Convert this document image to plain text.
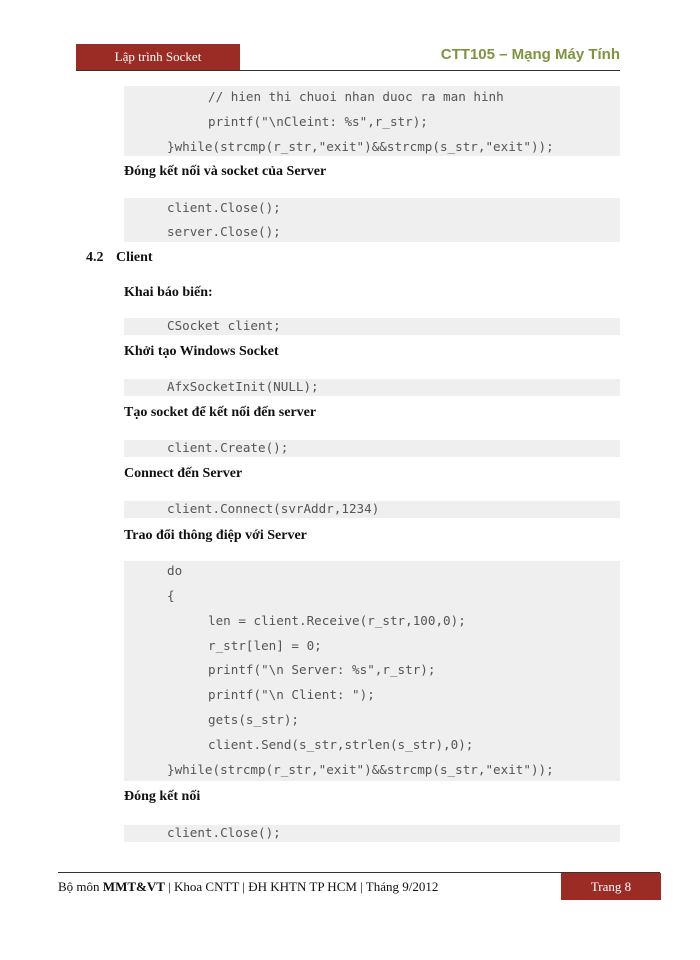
Lập trình Socket	CTT105 – Mạng Máy Tính
// hien thi chuoi nhan duoc ra man hinh
printf("\nCleint: %s",r_str);
}while(strcmp(r_str,"exit")&&strcmp(s_str,"exit"));
Đóng kết nối và socket của Server
client.Close();
server.Close();
4.2 Client
Khai báo biến:
CSocket client;
Khởi tạo Windows Socket
AfxSocketInit(NULL);
Tạo socket để kết nối đến server
client.Create();
Connect đến Server
client.Connect(svrAddr,1234)
Trao đổi thông điệp với Server
do
{
len = client.Receive(r_str,100,0);
r_str[len] = 0;
printf("\n Server: %s",r_str);
printf("\n Client: ");
gets(s_str);
client.Send(s_str,strlen(s_str),0);
}while(strcmp(r_str,"exit")&&strcmp(s_str,"exit"));
Đóng kết nối
client.Close();
Bộ môn MMT&VT | Khoa CNTT | ĐH KHTN TP HCM | Tháng 9/2012	Trang 8
